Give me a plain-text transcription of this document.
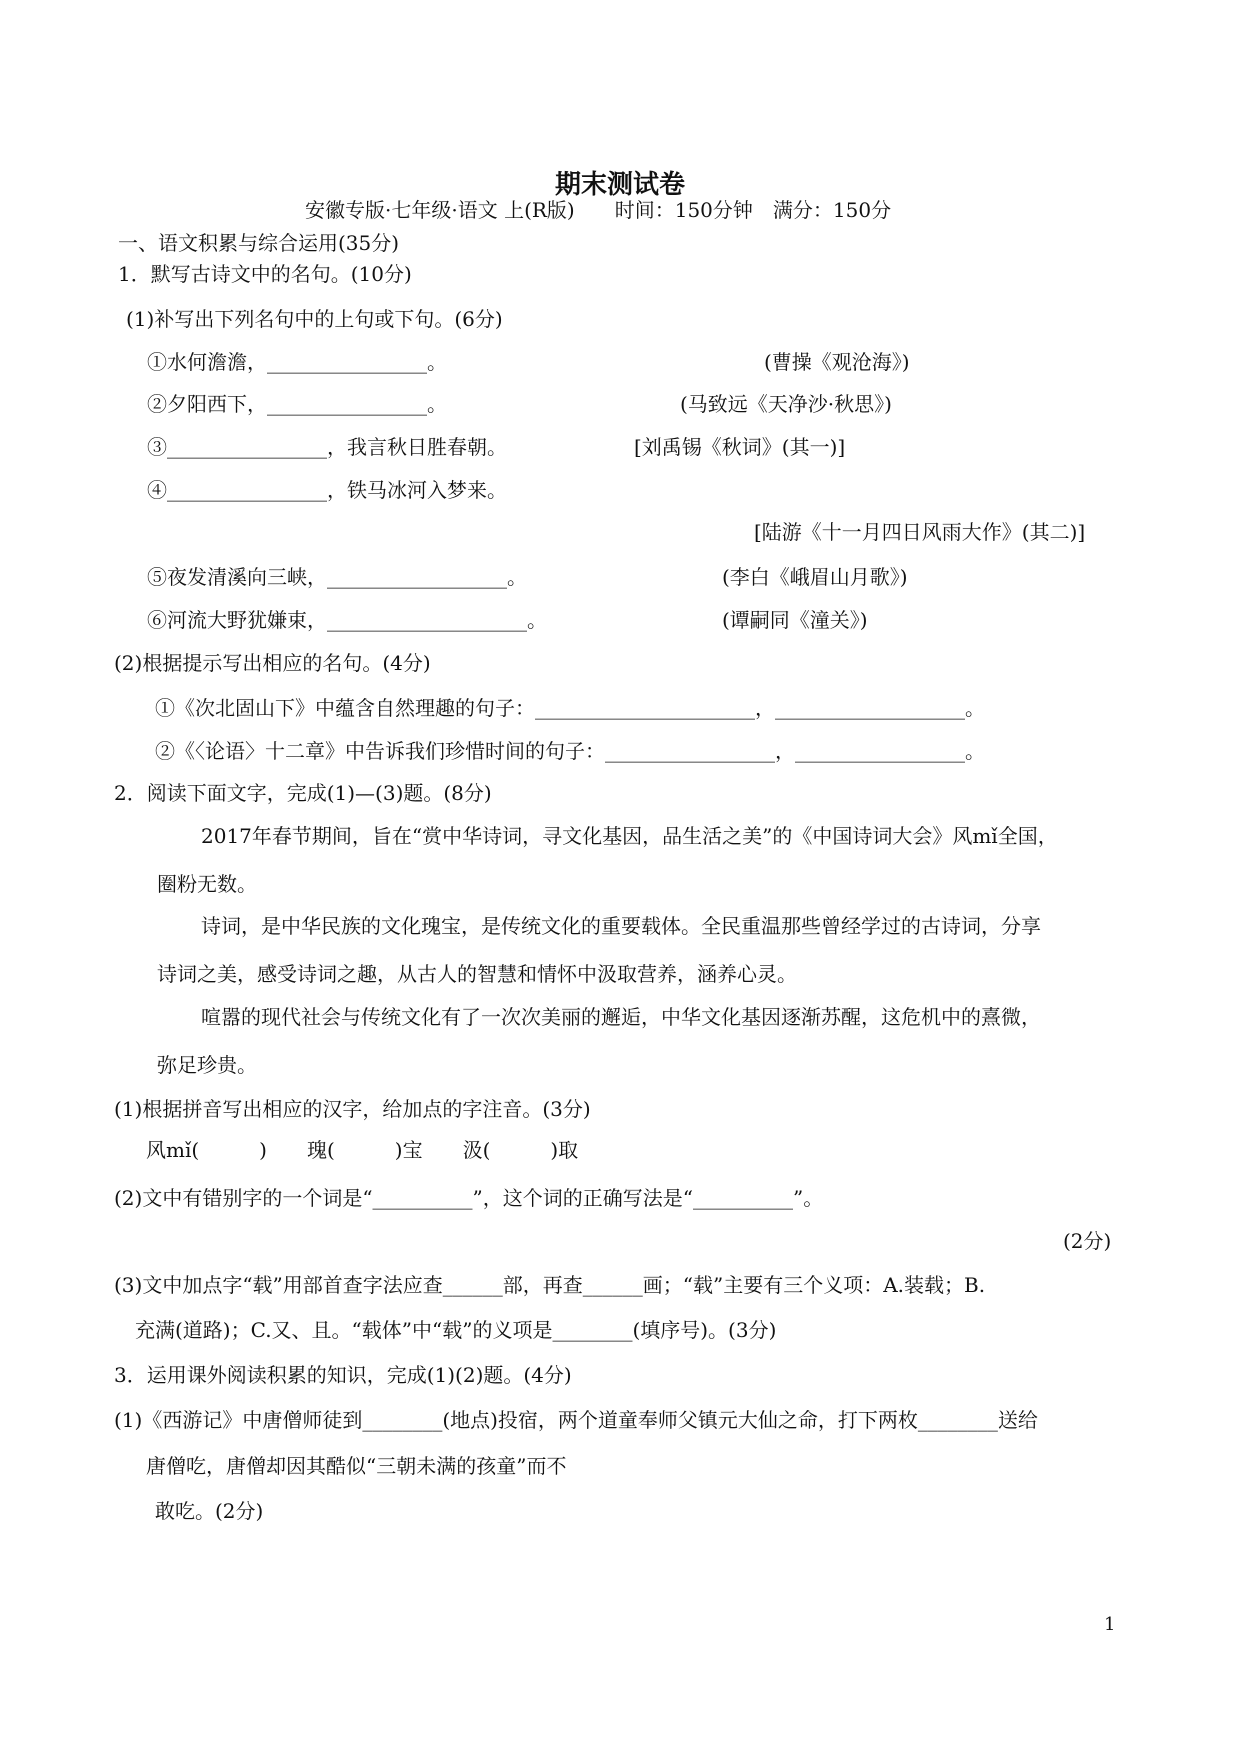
期末测试卷
安徽专版·七年级·语文 上(R版)　　时间：150分钟　满分：150分
一、语文积累与综合运用(35分)
1．默写古诗文中的名句。(10分)
(1)补写出下列名句中的上句或下句。(6分)
①水何澹澹，________________。	(曹操《观沧海》)
②夕阳西下，________________。	(马致远《天净沙·秋思》)
③________________，我言秋日胜春朝。	[刘禹锡《秋词》(其一)]
④________________，铁马冰河入梦来。
[陆游《十一月四日风雨大作》(其二)]
⑤夜发清溪向三峡，__________________。	(李白《峨眉山月歌》)
⑥河流大野犹嫌束，____________________。	(谭嗣同《潼关》)
(2)根据提示写出相应的名句。(4分)
①《次北固山下》中蕴含自然理趣的句子：______________________，___________________。
②《〈论语〉十二章》中告诉我们珍惜时间的句子：_________________，_________________。
2．阅读下面文字，完成(1)—(3)题。(8分)
2017年春节期间，旨在“赏中华诗词，寻文化基因，品生活之美”的《中国诗词大会》风mǐ全国，
圈粉无数。
诗词，是中华民族的文化瑰宝，是传统文化的重要载体。全民重温那些曾经学过的古诗词，分享
诗词之美，感受诗词之趣，从古人的智慧和情怀中汲取营养，涵养心灵。
喧嚣的现代社会与传统文化有了一次次美丽的邂逅，中华文化基因逐渐苏醒，这危机中的熹微，
弥足珍贵。
(1)根据拼音写出相应的汉字，给加点的字注音。(3分)
风mǐ(　　　)　　瑰(　　　)宝　　汲(　　　)取
(2)文中有错别字的一个词是“__________”，这个词的正确写法是“__________”。
(2分)
(3)文中加点字“载”用部首查字法应查______部，再查______画；“载”主要有三个义项：A.装载；B.
充满(道路)；C.又、且。“载体”中“载”的义项是________(填序号)。(3分)
3．运用课外阅读积累的知识，完成(1)(2)题。(4分)
(1)《西游记》中唐僧师徒到________(地点)投宿，两个道童奉师父镇元大仙之命，打下两枚________送给
唐僧吃，唐僧却因其酷似“三朝未满的孩童”而不
敢吃。(2分)
1
